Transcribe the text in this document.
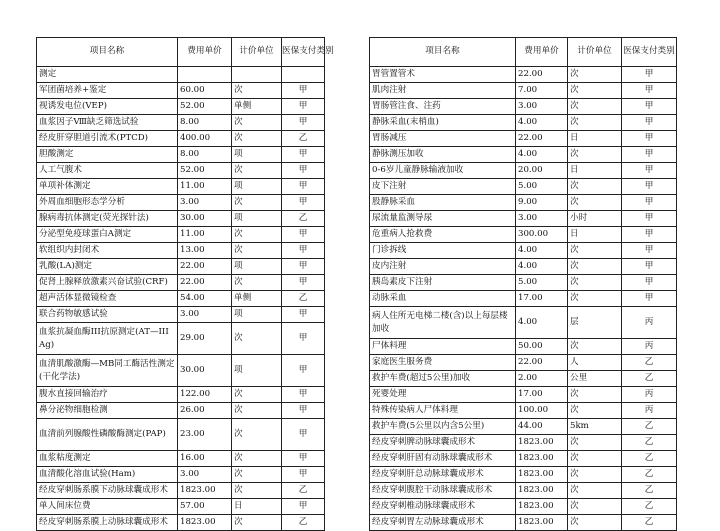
项目名称	费用单价	计价单位	医保支付类别
测定			
军团菌培养+鉴定	60.00	次	甲
视诱发电位(VEP)	52.00	单侧	甲
血浆因子Ⅷ缺乏筛选试验	8.00	次	甲
经皮肝穿胆道引流术(PTCD)	400.00	次	乙
胆酸测定	8.00	项	甲
人工气腹术	52.00	次	甲
单项补体测定	11.00	项	甲
外周血细胞形态学分析	3.00	次	甲
腺病毒抗体测定(荧光探针法)	30.00	项	乙
分泌型免疫球蛋白A测定	11.00	次	甲
软组织内封闭术	13.00	次	甲
乳酸(LA)测定	22.00	项	甲
促肾上腺释放激素兴奋试验(CRF)	22.00	次	甲
超声活体显微镜检查	54.00	单侧	乙
联合药物敏感试验	3.00	项	甲
血浆抗凝血酶III抗原测定(AT—III Ag)	29.00	次	甲
血清肌酸激酶—MB同工酶活性测定(干化学法)	30.00	项	甲
腹水直接回输治疗	122.00	次	甲
鼻分泌物细胞检测	26.00	次	甲
血清前列腺酸性磷酸酶测定(PAP)	23.00	次	甲
血浆粘度测定	16.00	次	甲
血清酸化溶血试验(Ham)	3.00	次	甲
经皮穿刺肠系膜下动脉球囊成形术	1823.00	次	乙
单人间床位费	57.00	日	甲
经皮穿刺肠系膜上动脉球囊成形术	1823.00	次	乙
项目名称	费用单价	计价单位	医保支付类别
胃管置管术	22.00	次	甲
肌肉注射	7.00	次	甲
胃肠管注食、注药	3.00	次	甲
静脉采血(末梢血)	4.00	次	甲
胃肠减压	22.00	日	甲
静脉测压加收	4.00	次	甲
0-6岁儿童静脉输液加收	20.00	日	甲
皮下注射	5.00	次	甲
股静脉采血	9.00	次	甲
尿流量监测导尿	3.00	小时	甲
危重病人抢救费	300.00	日	甲
门诊拆线	4.00	次	甲
皮内注射	4.00	次	甲
胰岛素皮下注射	5.00	次	甲
动脉采血	17.00	次	甲
病人住所无电梯二楼(含)以上每层楼加收	4.00	层	丙
尸体料理	50.00	次	丙
家庭医生服务费	22.00	人	乙
救护车费(超过5公里)加收	2.00	公里	乙
死婴处理	17.00	次	丙
特殊传染病人尸体料理	100.00	次	丙
救护车费(5公里以内含5公里)	44.00	5km	乙
经皮穿刺脾动脉球囊成形术	1823.00	次	乙
经皮穿刺肝固有动脉球囊成形术	1823.00	次	乙
经皮穿刺肝总动脉球囊成形术	1823.00	次	乙
经皮穿刺腹腔干动脉球囊成形术	1823.00	次	乙
经皮穿刺椎动脉球囊成形术	1823.00	次	乙
经皮穿刺胃左动脉球囊成形术	1823.00	次	乙
